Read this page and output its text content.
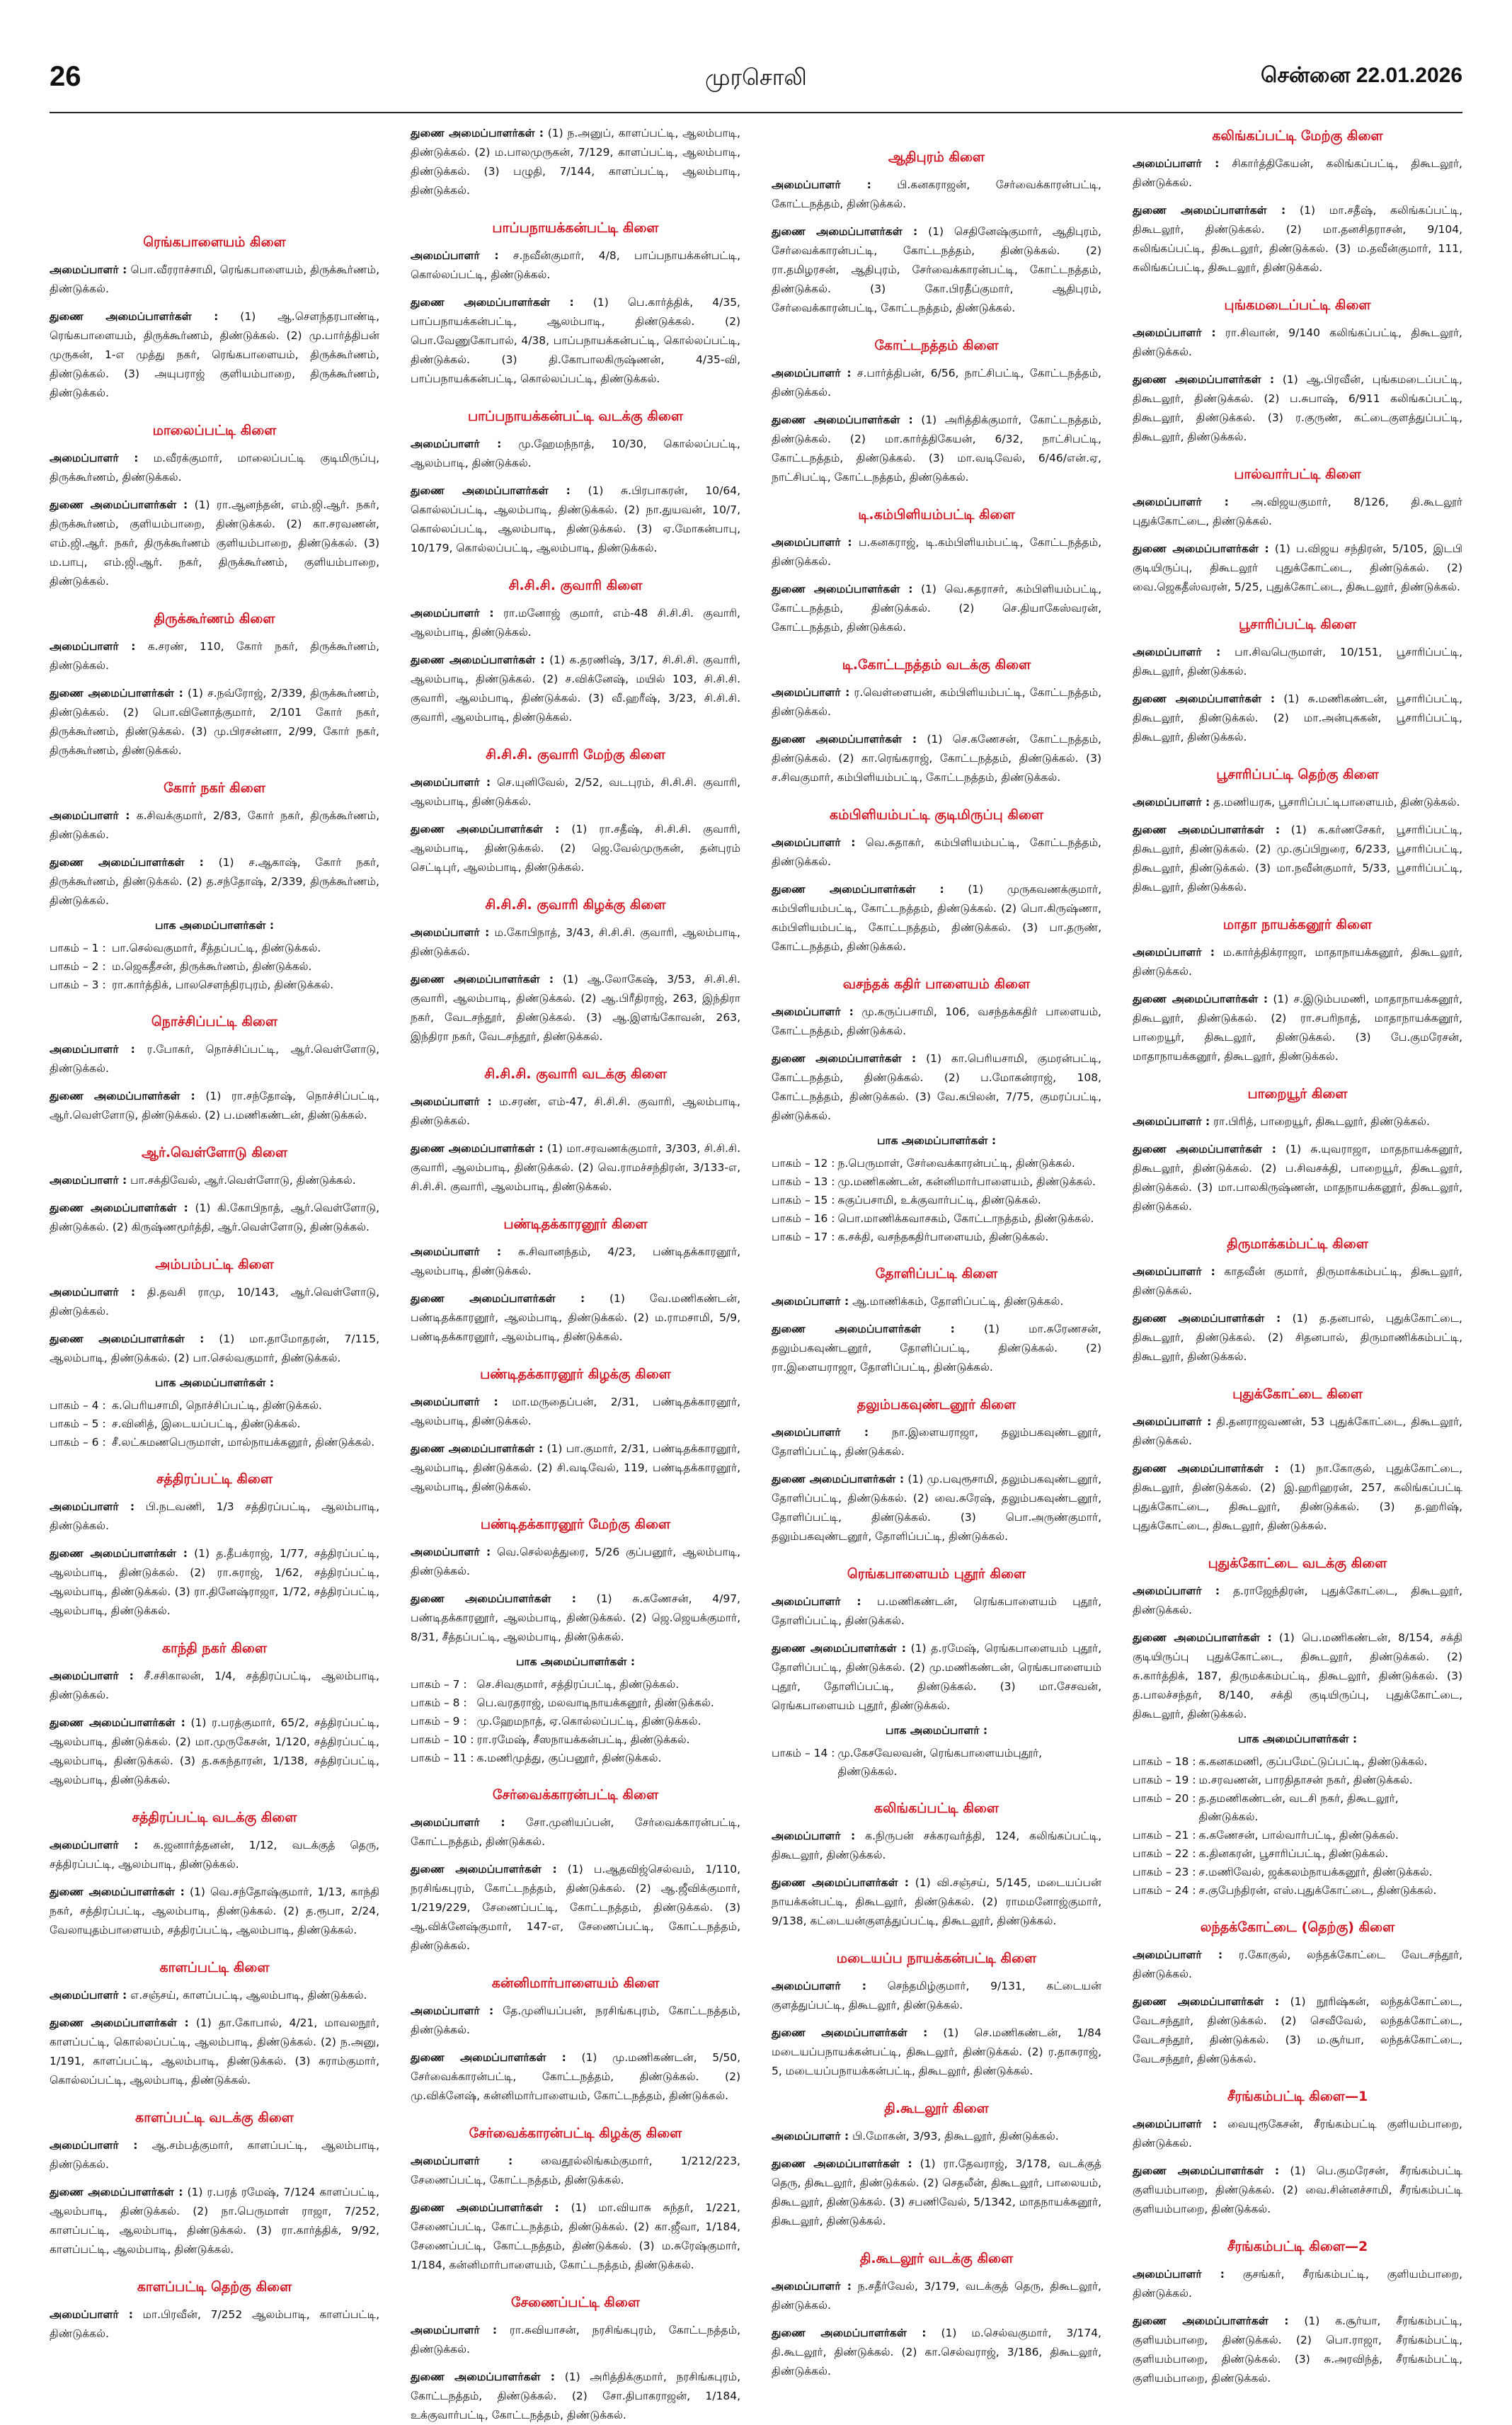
26	முரசொலி	சென்னை 22.01.2026
ரெங்கபாளையம் கிளை
அமைப்பாளர் : பொ.வீரராச்சாமி, ரெங்கபாளையம், திருக்கூர்ணம், திண்டுக்கல்.
துணை அமைப்பாளர்கள் : (1) ஆ.சௌந்தரபாண்டி, ரெங்கபாளையம், திருக்கூர்ணம், திண்டுக்கல். (2) மு.பார்த்திபன் முருகன், 1-எ முத்து நகர், ரெங்கபாளையம், திருக்கூர்ணம், திண்டுக்கல். (3) அயுபராஜ் குளியம்பாறை, திருக்கூர்ணம், திண்டுக்கல்.
மாலைப்பட்டி கிளை
அமைப்பாளர் : ம.வீரக்குமார், மாலைப்பட்டி குடிமிருப்பு, திருக்கூர்ணம், திண்டுக்கல்.
துணை அமைப்பாளர்கள் : (1) ரா.ஆனந்தன், எம்.ஜி.ஆர். நகர், திருக்கூர்ணம், குளியம்பாறை, திண்டுக்கல். (2) கா.சரவணன், எம்.ஜி.ஆர். நகர், திருக்கூர்ணம் குளியம்பாறை, திண்டுக்கல். (3) ம.பாபு, எம்.ஜி.ஆர். நகர், திருக்கூர்ணம், குளியம்பாறை, திண்டுக்கல்.
திருக்கூர்ணம் கிளை
அமைப்பாளர் : க.சரண், 110, கோர் நகர், திருக்கூர்ணம், திண்டுக்கல்.
துணை அமைப்பாளர்கள் : (1) ச.நவ்ரோஜ், 2/339, திருக்கூர்ணம், திண்டுக்கல். (2) பொ.வினோத்குமார், 2/101 கோர் நகர், திருக்கூர்ணம், திண்டுக்கல். (3) மு.பிரசன்னா, 2/99, கோர் நகர், திருக்கூர்ணம், திண்டுக்கல்.
கோர் நகர் கிளை
அமைப்பாளர் : க.சிவக்குமார், 2/83, கோர் நகர், திருக்கூர்ணம், திண்டுக்கல்.
துணை அமைப்பாளர்கள் : (1) ச.ஆகாஷ், கோர் நகர், திருக்கூர்ணம், திண்டுக்கல். (2) த.சந்தோஷ், 2/339, திருக்கூர்ணம், திண்டுக்கல்.
பாக அமைப்பாளர்கள் :
பாகம் – 1 :	பா.செல்வகுமார், சீத்தப்பட்டி, திண்டுக்கல்.
பாகம் – 2 :	ம.ஜெகதீசன், திருக்கூர்ணம், திண்டுக்கல்.
பாகம் – 3 :	ரா.கார்த்திக், பாலசௌந்திரபுரம், திண்டுக்கல்.
நொச்சிப்பட்டி கிளை
அமைப்பாளர் : ர.போகர், நொச்சிப்பட்டி, ஆர்.வெள்ளோடு, திண்டுக்கல்.
துணை அமைப்பாளர்கள் : (1) ரா.சந்தோஷ், நொச்சிப்பட்டி, ஆர்.வெள்ளோடு, திண்டுக்கல். (2) ப.மணிகண்டன், திண்டுக்கல்.
ஆர்.வெள்ளோடு கிளை
அமைப்பாளர் : பா.சக்திவேல், ஆர்.வெள்ளோடு, திண்டுக்கல்.
துணை அமைப்பாளர்கள் : (1) கி.கோபிநாத், ஆர்.வெள்ளோடு, திண்டுக்கல். (2) கிருஷ்ணமூர்த்தி, ஆர்.வெள்ளோடு, திண்டுக்கல்.
அம்பம்பட்டி கிளை
அமைப்பாளர் : தி.தவசி ராமு, 10/143, ஆர்.வெள்ளோடு, திண்டுக்கல்.
துணை அமைப்பாளர்கள் : (1) மா.தாமோதரன், 7/115, ஆலம்பாடி, திண்டுக்கல். (2) பா.செல்வகுமார், திண்டுக்கல்.
பாக அமைப்பாளர்கள் :
பாகம் – 4 :	க.பெரியசாமி, நொச்சிப்பட்டி, திண்டுக்கல்.
பாகம் – 5 :	ச.வினித், இடையப்பட்டி, திண்டுக்கல்.
பாகம் – 6 :	சீ.லட்சுமணபெருமாள், மால்நாயக்கனூர், திண்டுக்கல்.
சத்திரப்பட்டி கிளை
அமைப்பாளர் : பி.நடவணி, 1/3 சத்திரப்பட்டி, ஆலம்பாடி, திண்டுக்கல்.
துணை அமைப்பாளர்கள் : (1) த.தீபக்ராஜ், 1/77, சத்திரப்பட்டி, ஆலம்பாடி, திண்டுக்கல். (2) ரா.சுராஜ், 1/62, சத்திரப்பட்டி, ஆலம்பாடி, திண்டுக்கல். (3) ரா.தினேஷ்ராஜா, 1/72, சத்திரப்பட்டி, ஆலம்பாடி, திண்டுக்கல்.
காந்தி நகர் கிளை
அமைப்பாளர் : சீ.சசிகாலன், 1/4, சத்திரப்பட்டி, ஆலம்பாடி, திண்டுக்கல்.
துணை அமைப்பாளர்கள் : (1) ர.பரத்குமார், 65/2, சத்திரப்பட்டி, ஆலம்பாடி, திண்டுக்கல். (2) மா.முருகேசன், 1/120, சத்திரப்பட்டி, ஆலம்பாடி, திண்டுக்கல். (3) த.சுகந்தாரன், 1/138, சத்திரப்பட்டி, ஆலம்பாடி, திண்டுக்கல்.
சத்திரப்பட்டி வடக்கு கிளை
அமைப்பாளர் : க.ஜனார்த்தனன், 1/12, வடக்குத் தெரு, சத்திரப்பட்டி, ஆலம்பாடி, திண்டுக்கல்.
துணை அமைப்பாளர்கள் : (1) வெ.சந்தோஷ்குமார், 1/13, காந்தி நகர், சத்திரப்பட்டி, ஆலம்பாடி, திண்டுக்கல். (2) த.ரூபா, 2/24, வேலாயுதம்பாளையம், சத்திரப்பட்டி, ஆலம்பாடி, திண்டுக்கல்.
காளப்பட்டி கிளை
அமைப்பாளர் : எ.சஞ்சய், காளப்பட்டி, ஆலம்பாடி, திண்டுக்கல்.
துணை அமைப்பாளர்கள் : (1) தா.கோபால், 4/21, மாவலநூர், காளப்பட்டி, கொல்லப்பட்டி, ஆலம்பாடி, திண்டுக்கல். (2) ந.அனு, 1/191, காளப்பட்டி, ஆலம்பாடி, திண்டுக்கல். (3) சுராம்குமார், கொல்லப்பட்டி, ஆலம்பாடி, திண்டுக்கல்.
காளப்பட்டி வடக்கு கிளை
அமைப்பாளர் : ஆ.சம்பத்குமார், காளப்பட்டி, ஆலம்பாடி, திண்டுக்கல்.
துணை அமைப்பாளர்கள் : (1) ர.பரத் ரமேஷ், 7/124 காளப்பட்டி, ஆலம்பாடி, திண்டுக்கல். (2) நா.பெருமாள் ராஜா, 7/252, காளப்பட்டி, ஆலம்பாடி, திண்டுக்கல். (3) ரா.கார்த்திக், 9/92, காளப்பட்டி, ஆலம்பாடி, திண்டுக்கல்.
காளப்பட்டி தெற்கு கிளை
அமைப்பாளர் : மா.பிரவீன், 7/252 ஆலம்பாடி, காளப்பட்டி, திண்டுக்கல்.
துணை அமைப்பாளர்கள் : (1) ந.அனுப், காளப்பட்டி, ஆலம்பாடி, திண்டுக்கல். (2) ம.பாலமுருகன், 7/129, காளப்பட்டி, ஆலம்பாடி, திண்டுக்கல். (3) பழுதி, 7/144, காளப்பட்டி, ஆலம்பாடி, திண்டுக்கல்.
பாப்பநாயக்கன்பட்டி கிளை
அமைப்பாளர் : ச.நவீன்குமார், 4/8, பாப்பநாயக்கன்பட்டி, கொல்லப்பட்டி, திண்டுக்கல்.
துணை அமைப்பாளர்கள் : (1) பெ.கார்த்திக், 4/35, பாப்பநாயக்கன்பட்டி, ஆலம்பாடி, திண்டுக்கல். (2) பொ.வேணுகோபால், 4/38, பாப்பநாயக்கன்பட்டி, கொல்லப்பட்டி, திண்டுக்கல். (3) தி.கோபாலகிருஷ்ணன், 4/35-வி, பாப்பநாயக்கன்பட்டி, கொல்லப்பட்டி, திண்டுக்கல்.
பாப்பநாயக்கன்பட்டி வடக்கு கிளை
அமைப்பாளர் : மு.ஹேமந்நாத், 10/30, கொல்லப்பட்டி, ஆலம்பாடி, திண்டுக்கல்.
துணை அமைப்பாளர்கள் : (1) சு.பிரபாகரன், 10/64, கொல்லப்பட்டி, ஆலம்பாடி, திண்டுக்கல். (2) நா.துயவன், 10/7, கொல்லப்பட்டி, ஆலம்பாடி, திண்டுக்கல். (3) ஏ.மோகன்பாபு, 10/179, கொல்லப்பட்டி, ஆலம்பாடி, திண்டுக்கல்.
சி.சி.சி. குவாரி கிளை
அமைப்பாளர் : ரா.மனோஜ் குமார், எம்-48 சி.சி.சி. குவாரி, ஆலம்பாடி, திண்டுக்கல்.
துணை அமைப்பாளர்கள் : (1) க.தரணிஷ், 3/17, சி.சி.சி. குவாரி, ஆலம்பாடி, திண்டுக்கல். (2) ச.விக்னேஷ், மயில் 103, சி.சி.சி. குவாரி, ஆலம்பாடி, திண்டுக்கல். (3) வீ.ஹரீஷ், 3/23, சி.சி.சி. குவாரி, ஆலம்பாடி, திண்டுக்கல்.
சி.சி.சி. குவாரி மேற்கு கிளை
அமைப்பாளர் : செ.யுனிவேல், 2/52, வடபுரம், சி.சி.சி. குவாரி, ஆலம்பாடி, திண்டுக்கல்.
துணை அமைப்பாளர்கள் : (1) ரா.சதீஷ், சி.சி.சி. குவாரி, ஆலம்பாடி, திண்டுக்கல். (2) ஜெ.வேல்முருகன், தன்புரம் செட்டிபுர், ஆலம்பாடி, திண்டுக்கல்.
சி.சி.சி. குவாரி கிழக்கு கிளை
அமைப்பாளர் : ம.கோபிநாத், 3/43, சி.சி.சி. குவாரி, ஆலம்பாடி, திண்டுக்கல்.
துணை அமைப்பாளர்கள் : (1) ஆ.லோகேஷ், 3/53, சி.சி.சி. குவாரி, ஆலம்பாடி, திண்டுக்கல். (2) ஆ.பிரீதிராஜ், 263, இந்திரா நகர், வேடசந்தூர், திண்டுக்கல். (3) ஆ.இளங்கோவன், 263, இந்திரா நகர், வேடசந்தூர், திண்டுக்கல்.
சி.சி.சி. குவாரி வடக்கு கிளை
அமைப்பாளர் : ம.சரண், எம்-47, சி.சி.சி. குவாரி, ஆலம்பாடி, திண்டுக்கல்.
துணை அமைப்பாளர்கள் : (1) மா.சரவணக்குமார், 3/303, சி.சி.சி. குவாரி, ஆலம்பாடி, திண்டுக்கல். (2) வெ.ராமச்சந்திரன், 3/133-எ, சி.சி.சி. குவாரி, ஆலம்பாடி, திண்டுக்கல்.
பண்டிதக்காரனூர் கிளை
அமைப்பாளர் : சு.சிவானந்தம், 4/23, பண்டிதக்காரனூர், ஆலம்பாடி, திண்டுக்கல்.
துணை அமைப்பாளர்கள் : (1) வே.மணிகண்டன், பண்டிதக்காரனூர், ஆலம்பாடி, திண்டுக்கல். (2) ம.ராமசாமி, 5/9, பண்டிதக்காரனூர், ஆலம்பாடி, திண்டுக்கல்.
பண்டிதக்காரனூர் கிழக்கு கிளை
அமைப்பாளர் : மா.மருதைப்பன், 2/31, பண்டிதக்காரனூர், ஆலம்பாடி, திண்டுக்கல்.
துணை அமைப்பாளர்கள் : (1) பா.குமார், 2/31, பண்டிதக்காரனூர், ஆலம்பாடி, திண்டுக்கல். (2) சி.வடிவேல், 119, பண்டிதக்காரனூர், ஆலம்பாடி, திண்டுக்கல்.
பண்டிதக்காரனூர் மேற்கு கிளை
அமைப்பாளர் : வெ.செல்லத்துரை, 5/26 குப்பனூர், ஆலம்பாடி, திண்டுக்கல்.
துணை அமைப்பாளர்கள் : (1) சு.கணேசன், 4/97, பண்டிதக்காரனூர், ஆலம்பாடி, திண்டுக்கல். (2) ஜெ.ஜெயக்குமார், 8/31, சீத்தப்பட்டி, ஆலம்பாடி, திண்டுக்கல்.
பாக அமைப்பாளர்கள் :
பாகம் – 7 :	செ.சிவகுமார், சத்திரப்பட்டி, திண்டுக்கல்.
பாகம் – 8 :	பெ.வரதராஜ், மலவாடிநாயக்கனூர், திண்டுக்கல்.
பாகம் – 9 :	மு.ஹேமநாத், ஏ.கொல்லப்பட்டி, திண்டுக்கல்.
பாகம் – 10 :	ரா.ரமேஷ், சீஸநாயக்கன்பட்டி, திண்டுக்கல்.
பாகம் – 11 :	க.மணிமுத்து, குப்பனூர், திண்டுக்கல்.
சேர்வைக்காரன்பட்டி கிளை
அமைப்பாளர் : சோ.முனியப்பன், சேர்வைக்காரன்பட்டி, கோட்டநத்தம், திண்டுக்கல்.
துணை அமைப்பாளர்கள் : (1) ப.ஆதவிஜ்செல்வம், 1/110, நரசிங்கபுரம், கோட்டநத்தம், திண்டுக்கல். (2) ஆ.ஜீவிக்குமார், 1/219/229, சேணைப்பட்டி, கோட்டநத்தம், திண்டுக்கல். (3) ஆ.விக்னேஷ்குமார், 147-எ, சேணைப்பட்டி, கோட்டநத்தம், திண்டுக்கல்.
கன்னிமார்பாளையம் கிளை
அமைப்பாளர் : தே.முனியப்பன், நரசிங்கபுரம், கோட்டநத்தம், திண்டுக்கல்.
துணை அமைப்பாளர்கள் : (1) மு.மணிகண்டன், 5/50, சேர்வைக்காரன்பட்டி, கோட்டநத்தம், திண்டுக்கல். (2) மு.விக்னேஷ், கன்னிமார்பாளையம், கோட்டநத்தம், திண்டுக்கல்.
சேர்வைக்காரன்பட்டி கிழக்கு கிளை
அமைப்பாளர் :	வைதூல்லிங்கம்குமார், 1/212/223, சேணைப்பட்டி, கோட்டநத்தம், திண்டுக்கல்.
துணை அமைப்பாளர்கள் : (1) மா.வியாசு சுந்தர், 1/221, சேணைப்பட்டி, கோட்டநத்தம், திண்டுக்கல். (2) கா.ஜீவா, 1/184, சேணைப்பட்டி, கோட்டநத்தம், திண்டுக்கல். (3) ம.சுரேஷ்குமார், 1/184, கன்னிமார்பாளையம், கோட்டநத்தம், திண்டுக்கல்.
சேணைப்பட்டி கிளை
அமைப்பாளர் : ரா.சுவியாசன், நரசிங்கபுரம், கோட்டநத்தம், திண்டுக்கல்.
துணை அமைப்பாளர்கள் : (1) அரித்திக்குமார், நரசிங்கபுரம், கோட்டநத்தம், திண்டுக்கல். (2) சோ.திபாகராஜன், 1/184, உக்குவார்பட்டி, கோட்டநத்தம், திண்டுக்கல்.
ஆதிபுரம் கிளை
அமைப்பாளர் : பி.கனகராஜன், சேர்வைக்காரன்பட்டி, கோட்டநத்தம், திண்டுக்கல்.
துணை அமைப்பாளர்கள் : (1) செதினேஷ்குமார், ஆதிபுரம், சேர்வைக்காரன்பட்டி, கோட்டநத்தம், திண்டுக்கல். (2) ரா.தமிழரசன், ஆதிபுரம், சேர்வைக்காரன்பட்டி, கோட்டநத்தம், திண்டுக்கல். (3) கோ.பிரதீப்குமார், ஆதிபுரம், சேர்வைக்காரன்பட்டி, கோட்டநத்தம், திண்டுக்கல்.
கோட்டநத்தம் கிளை
அமைப்பாளர் : ச.பார்த்திபன், 6/56, நாட்சிபட்டி, கோட்டநத்தம், திண்டுக்கல்.
துணை அமைப்பாளர்கள் : (1) அரித்திக்குமார், கோட்டநத்தம், திண்டுக்கல். (2) மா.கார்த்திகேயன், 6/32, நாட்சிபட்டி, கோட்டநத்தம், திண்டுக்கல். (3) மா.வடிவேல், 6/46/என்.ஏ, நாட்சிபட்டி, கோட்டநத்தம், திண்டுக்கல்.
டி.கம்பிளியம்பட்டி கிளை
அமைப்பாளர் : ப.கனகராஜ், டி.கம்பிளியம்பட்டி, கோட்டநத்தம், திண்டுக்கல்.
துணை அமைப்பாளர்கள் : (1) வெ.கதராசர், கம்பிளியம்பட்டி, கோட்டநத்தம், திண்டுக்கல். (2) செ.தியாகேஸ்வரன், கோட்டநத்தம், திண்டுக்கல்.
டி.கோட்டநத்தம் வடக்கு கிளை
அமைப்பாளர் : ர.வெள்ளையன், கம்பிளியம்பட்டி, கோட்டநத்தம், திண்டுக்கல்.
துணை அமைப்பாளர்கள் : (1) செ.கணேசன், கோட்டநத்தம், திண்டுக்கல். (2) கா.ரெங்கராஜ், கோட்டநத்தம், திண்டுக்கல். (3) ச.சிவகுமார், கம்பிளியம்பட்டி, கோட்டநத்தம், திண்டுக்கல்.
கம்பிளியம்பட்டி குடிமிருப்பு கிளை
அமைப்பாளர் : வெ.சுதாகர், கம்பிளியம்பட்டி, கோட்டநத்தம், திண்டுக்கல்.
துணை அமைப்பாளர்கள் : (1) முருகவணக்குமார், கம்பிளியம்பட்டி, கோட்டநத்தம், திண்டுக்கல். (2) பொ.கிருஷ்ணா, கம்பிளியம்பட்டி, கோட்டநத்தம், திண்டுக்கல். (3) பா.தருண், கோட்டநத்தம், திண்டுக்கல்.
வசந்தக் கதிர் பாளையம் கிளை
அமைப்பாளர் : மு.கருப்பசாமி, 106, வசந்தக்கதிர் பாளையம், கோட்டநத்தம், திண்டுக்கல்.
துணை அமைப்பாளர்கள் : (1) கா.பெரியசாமி, குமரன்பட்டி, கோட்டநத்தம், திண்டுக்கல். (2) ப.மோகன்ராஜ், 108, கோட்டநத்தம், திண்டுக்கல். (3) வே.கபிலன், 7/75, குமரப்பட்டி, திண்டுக்கல்.
பாக அமைப்பாளர்கள் :
பாகம் – 12 :	ந.பெருமாள், சேர்வைக்காரன்பட்டி, திண்டுக்கல்.
பாகம் – 13 :	மு.மணிகண்டன், கன்னிமார்பாளையம், திண்டுக்கல்.
பாகம் – 15 :	சுகுப்பசாமி, உக்குவார்பட்டி, திண்டுக்கல்.
பாகம் – 16 :	பொ.மாணிக்கவாசகம், கோட்டாநத்தம், திண்டுக்கல்.
பாகம் – 17 :	க.சக்தி, வசந்தகதிர்பாளையம், திண்டுக்கல்.
தோளிப்பட்டி கிளை
அமைப்பாளர் : ஆ.மாணிக்கம், தோளிப்பட்டி, திண்டுக்கல்.
துணை அமைப்பாளர்கள் :	(1) மா.சுரேணசன், தலும்பகவுண்டனூர், தோளிப்பட்டி, திண்டுக்கல். (2) ரா.இளையராஜா, தோளிப்பட்டி, திண்டுக்கல்.
தலும்பகவுண்டனூர் கிளை
அமைப்பாளர் : நா.இளையராஜா, தலும்பகவுண்டனூர், தோளிப்பட்டி, திண்டுக்கல்.
துணை அமைப்பாளர்கள் : (1) மு.பவுரூசாமி, தலும்பகவுண்டனூர், தோளிப்பட்டி, திண்டுக்கல். (2) வை.சுரேஷ், தலும்பகவுண்டனூர், தோளிப்பட்டி, திண்டுக்கல். (3) பொ.அருண்குமார், தலும்பகவுண்டனூர், தோளிப்பட்டி, திண்டுக்கல்.
ரெங்கபாளையம் புதூர் கிளை
அமைப்பாளர் : ப.மணிகண்டன், ரெங்கபாளையம் புதூர், தோளிப்பட்டி, திண்டுக்கல்.
துணை அமைப்பாளர்கள் : (1) த.ரமேஷ், ரெங்கபாளையம் புதூர், தோளிப்பட்டி, திண்டுக்கல். (2) மு.மணிகண்டன், ரெங்கபாளையம் புதூர், தோளிப்பட்டி, திண்டுக்கல். (3) மா.சேசவன், ரெங்கபாளையம் புதூர், திண்டுக்கல்.
பாக அமைப்பாளர் :
பாகம் – 14 :	மு.கேசவேலவன், ரெங்கபாளையம்புதூர், திண்டுக்கல்.
கலிங்கப்பட்டி கிளை
அமைப்பாளர் : க.நிருபன் சக்கரவர்த்தி, 124, கலிங்கப்பட்டி, திகூடலூர், திண்டுக்கல்.
துணை அமைப்பாளர்கள் : (1) வி.சஞ்சய், 5/145, மடையப்பன் நாயக்கன்பட்டி, திகூடலூர், திண்டுக்கல். (2) ராமமனோஜ்குமார், 9/138, கட்டையன்குளத்துப்பட்டி, திகூடலூர், திண்டுக்கல்.
மடையப்ப நாயக்கன்பட்டி கிளை
அமைப்பாளர் : செந்தமிழ்குமார், 9/131, கட்டையன் குளத்துப்பட்டி, திகூடலூர், திண்டுக்கல்.
துணை அமைப்பாளர்கள் : (1) செ.மணிகண்டன், 1/84 மடையப்பநாயக்கன்பட்டி, திகூடலூர், திண்டுக்கல். (2) ர.தாசுராஜ், 5, மடையப்பநாயக்கன்பட்டி, திகூடலூர், திண்டுக்கல்.
தி.கூடலூர் கிளை
அமைப்பாளர் : பி.மோகன், 3/93, திகூடலூர், திண்டுக்கல்.
துணை அமைப்பாளர்கள் : (1) ரா.தேவராஜ், 3/178, வடக்குத் தெரு, திகூடலூர், திண்டுக்கல். (2) செதலீன், திகூடலூர், பாலையம், திகூடலூர், திண்டுக்கல். (3) சபணிவேல், 5/1342, மாதநாயக்கனூர், திகூடலூர், திண்டுக்கல்.
தி.கூடலூர் வடக்கு கிளை
அமைப்பாளர் : ந.சதீர்வேல், 3/179, வடக்குத் தெரு, திகூடலூர், திண்டுக்கல்.
துணை அமைப்பாளர்கள் : (1) ம.செல்வகுமார், 3/174, தி.கூடலூர், திண்டுக்கல். (2) கா.செல்வராஜ், 3/186, திகூடலூர், திண்டுக்கல்.
கலிங்கப்பட்டி மேற்கு கிளை
அமைப்பாளர் : சிகார்த்திகேயன், கலிங்கப்பட்டி, திகூடலூர், திண்டுக்கல்.
துணை அமைப்பாளர்கள் : (1) மா.சதீஷ், கலிங்கப்பட்டி, திகூடலூர், திண்டுக்கல். (2) மா.தனசிதராசன், 9/104, கலிங்கப்பட்டி, திகூடலூர், திண்டுக்கல். (3) ம.தவீன்குமார், 111, கலிங்கப்பட்டி, திகூடலூர், திண்டுக்கல்.
புங்கமடைப்பட்டி கிளை
அமைப்பாளர் : ரா.சிவான், 9/140 கலிங்கப்பட்டி, திகூடலூர், திண்டுக்கல்.
துணை அமைப்பாளர்கள் : (1) ஆ.பிரவீன், புங்கமடைப்பட்டி, திகூடலூர், திண்டுக்கல். (2) ப.சுபாஷ், 6/911 கலிங்கப்பட்டி, திகூடலூர், திண்டுக்கல். (3) ர.குருண், கட்டைகுளத்துப்பட்டி, திகூடலூர், திண்டுக்கல்.
பால்வார்பட்டி கிளை
அமைப்பாளர் : அ.விஜயகுமார், 8/126, தி.கூடலூர் புதுக்கோட்டை, திண்டுக்கல்.
துணை அமைப்பாளர்கள் : (1) ப.விஜய சந்திரன், 5/105, இடபி குடியிருப்பு, திகூடலூர் புதுக்கோட்டை, திண்டுக்கல். (2) வை.ஜெகதீஸ்வரன், 5/25, புதுக்கோட்டை, திகூடலூர், திண்டுக்கல்.
பூசாரிப்பட்டி கிளை
அமைப்பாளர் : பா.சிவபெருமாள், 10/151, பூசாரிப்பட்டி, திகூடலூர், திண்டுக்கல்.
துணை அமைப்பாளர்கள் : (1) சு.மணிகண்டன், பூசாரிப்பட்டி, திகூடலூர், திண்டுக்கல். (2) மா.அன்புசுகன், பூசாரிப்பட்டி, திகூடலூர், திண்டுக்கல்.
பூசாரிப்பட்டி தெற்கு கிளை
அமைப்பாளர் : த.மணியரசு, பூசாரிப்பட்டிபாளையம், திண்டுக்கல்.
துணை அமைப்பாளர்கள் : (1) க.கர்ணசேகர், பூசாரிப்பட்டி, திகூடலூர், திண்டுக்கல். (2) மு.குப்பிறுரை, 6/233, பூசாரிப்பட்டி, திகூடலூர், திண்டுக்கல். (3) மா.நவீன்குமார், 5/33, பூசாரிப்பட்டி, திகூடலூர், திண்டுக்கல்.
மாதா நாயக்கனூர் கிளை
அமைப்பாளர் : ம.கார்த்திக்ராஜா, மாதாநாயக்கனூர், திகூடலூர், திண்டுக்கல்.
துணை அமைப்பாளர்கள் : (1) ச.இடும்பமணி, மாதாநாயக்கனூர், திகூடலூர், திண்டுக்கல். (2) ரா.சபரிநாத், மாதாநாயக்கனூர், பாறையூர், திகூடலூர், திண்டுக்கல். (3) பே.குமரேசன், மாதாநாயக்கனூர், திகூடலூர், திண்டுக்கல்.
பாறையூர் கிளை
அமைப்பாளர் : ரா.பிரித், பாறையூர், திகூடலூர், திண்டுக்கல்.
துணை அமைப்பாளர்கள் : (1) சு.யுவராஜா, மாதநாயக்கனூர், திகூடலூர், திண்டுக்கல். (2) ப.சிவசக்தி, பாறையூர், திகூடலூர், திண்டுக்கல். (3) மா.பாலகிருஷ்ணன், மாதநாயக்கனூர், திகூடலூர், திண்டுக்கல்.
திருமாக்கம்பட்டி கிளை
அமைப்பாளர் : காதவீன் குமார், திருமாக்கம்பட்டி, திகூடலூர், திண்டுக்கல்.
துணை அமைப்பாளர்கள் : (1) த.தனபால், புதுக்கோட்டை, திகூடலூர், திண்டுக்கல். (2) சிதனபால், திருமாணிக்கம்பட்டி, திகூடலூர், திண்டுக்கல்.
புதுக்கோட்டை கிளை
அமைப்பாளர் : தி.தனராஜவணன், 53 புதுக்கோட்டை, திகூடலூர், திண்டுக்கல்.
துணை அமைப்பாளர்கள் : (1) நா.கோகுல், புதுக்கோட்டை, திகூடலூர், திண்டுக்கல். (2) இ.ஹரிஹரன், 257, கலிங்கப்பட்டி புதுக்கோட்டை, திகூடலூர், திண்டுக்கல். (3) த.ஹரிஷ், புதுக்கோட்டை, திகூடலூர், திண்டுக்கல்.
புதுக்கோட்டை வடக்கு கிளை
அமைப்பாளர் : த.ராஜேந்திரன், புதுக்கோட்டை, திகூடலூர், திண்டுக்கல்.
துணை அமைப்பாளர்கள் : (1) பெ.மணிகண்டன், 8/154, சக்தி குடியிருப்பு புதுக்கோட்டை, திகூடலூர், திண்டுக்கல். (2) சு.கார்த்திக், 187, திருமக்கம்பட்டி, திகூடலூர், திண்டுக்கல். (3) த.பாலச்சந்தர், 8/140, சக்தி குடியிருப்பு, புதுக்கோட்டை, திகூடலூர், திண்டுக்கல்.
பாக அமைப்பாளர்கள் :
பாகம் – 18 :	க.கனகமணி, குப்பமேட்டுப்பட்டி, திண்டுக்கல்.
பாகம் – 19 :	ம.சரவணன், பாரதிதாசன் நகர், திண்டுக்கல்.
பாகம் – 20 :	த.தமணிகண்டன், வடசி நகர், திகூடலூர், திண்டுக்கல்.
பாகம் – 21 :	க.கணேசன், பால்வார்பட்டி, திண்டுக்கல்.
பாகம் – 22 :	க.தினகரன், பூசாரிப்பட்டி, திண்டுக்கல்.
பாகம் – 23 :	ச.மணிவேல், ஜக்கலம்நாயக்கனூர், திண்டுக்கல்.
பாகம் – 24 :	ச.குபேந்திரன், எஸ்.புதுக்கோட்டை, திண்டுக்கல்.
லந்தக்கோட்டை (தெற்கு) கிளை
அமைப்பாளர் : ர.கோகுல், லந்தக்கோட்டை வேடசந்தூர், திண்டுக்கல்.
துணை அமைப்பாளர்கள் : (1) நூரிஷ்கன், லந்தக்கோட்டை, வேடசந்தூர், திண்டுக்கல். (2) செவீவேல், லந்தக்கோட்டை, வேடசந்தூர், திண்டுக்கல். (3) ம.சூர்யா, லந்தக்கோட்டை, வேடசந்தூர், திண்டுக்கல்.
சீரங்கம்பட்டி கிளை—1
அமைப்பாளர் : வையுரூகேசன், சீரங்கம்பட்டி குளியம்பாறை, திண்டுக்கல்.
துணை அமைப்பாளர்கள் : (1) பெ.குமரேசன், சீரங்கம்பட்டி குளியம்பாறை, திண்டுக்கல். (2) வை.சின்னச்சாமி, சீரங்கம்பட்டி குளியம்பாறை, திண்டுக்கல்.
சீரங்கம்பட்டி கிளை—2
அமைப்பாளர் : குசங்கர், சீரங்கம்பட்டி, குளியம்பாறை, திண்டுக்கல்.
துணை அமைப்பாளர்கள் : (1) க.சூர்யா, சீரங்கம்பட்டி, குளியம்பாறை, திண்டுக்கல். (2) பொ.ராஜா, சீரங்கம்பட்டி, குளியம்பாறை, திண்டுக்கல். (3) சு.அரவிந்த், சீரங்கம்பட்டி, குளியம்பாறை, திண்டுக்கல்.
